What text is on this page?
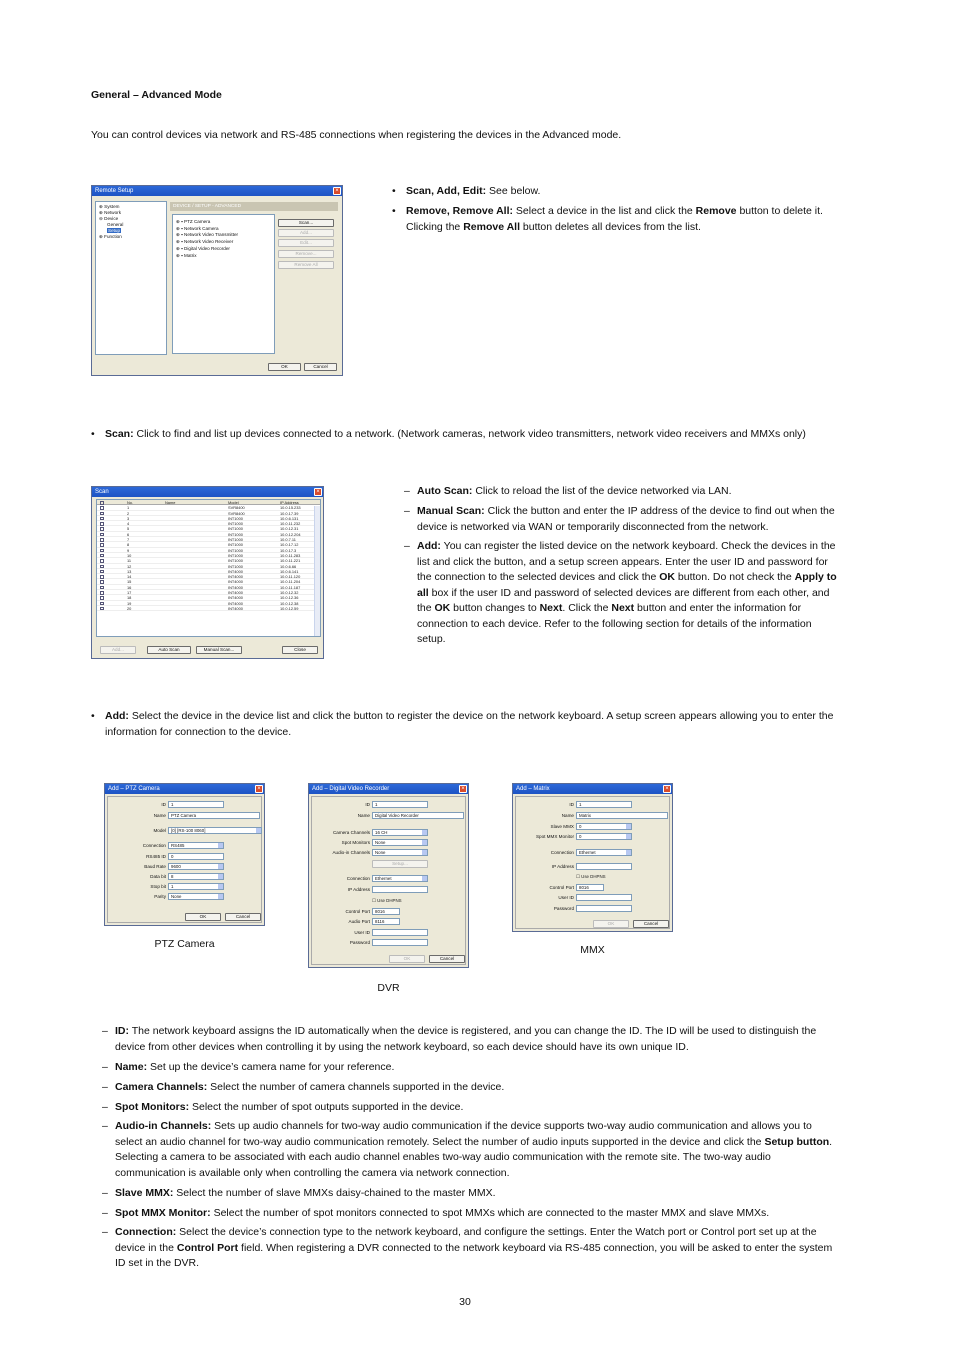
General – Advanced Mode
You can control devices via network and RS-485 connections when registering the devices in the Advanced mode.
Remote Setup	×
⊕ System
⊕ Network
⊖ Device
General
Setup
⊕ Function
DEVICE / SETUP - ADVANCED
⊕ ▪ PTZ Camera
⊕ ▪ Network Camera
⊕ ▪ Network Video Transmitter
⊕ ▪ Network Video Receiver
⊕ ▪ Digital Video Recorder
⊕ ▪ Matrix
Scan...
Add...
Edit...
Remove...
Remove All
OK	Cancel
• Scan, Add, Edit: See below.
• Remove, Remove All: Select a device in the list and click the Remove button to delete it. Clicking the Remove All button deletes all devices from the list.
• Scan: Click to find and list up devices connected to a network. (Network cameras, network video transmitters, network video receivers and MMXs only)
Scan	×
No.	Name	Model	IP Address
1	SVR8400	10.0.15.233
2	SVR8400	10.0.17.39
3	INT1000	10.0.6.131
4	INT1000	10.0.11.232
5	INT1000	10.0.12.31
6	INT1000	10.0.12.204
7	INT1000	10.0.7.11
8	INT1000	10.0.17.12
9	INT1000	10.0.17.3
10	INT1000	10.0.11.283
11	INT1000	10.0.11.221
12	INT1000	10.0.6.66
13	INT4000	10.0.6.141
14	INT4000	10.0.11.120
15	INT4000	10.0.11.204
16	INT4000	10.0.11.187
17	INT4000	10.0.12.32
18	INT4000	10.0.12.36
19	INT4000	10.0.12.38
20	INT4000	10.0.12.59
Add...	Auto Scan	Manual Scan...	Close
– Auto Scan: Click to reload the list of the device networked via LAN.
– Manual Scan: Click the button and enter the IP address of the device to find out when the device is networked via WAN or temporarily disconnected from the network.
– Add: You can register the listed device on the network keyboard. Check the devices in the list and click the button, and a setup screen appears. Enter the user ID and password for the connection to the selected devices and click the OK button. Do not check the Apply to all box if the user ID and password of selected devices are different from each other, and the OK button changes to Next. Click the Next button and enter the information for connection to each device. Refer to the following section for details of the information setup.
• Add: Select the device in the device list and click the button to register the device on the network keyboard. A setup screen appears allowing you to enter the information for connection to the device.
Add – PTZ Camera	×
ID	1
Name	PTZ Camera
Model	[0] [RS-100 8060]
Connection	RS485
RS485 ID	0
Baud Rate	9600
Data bit	8
Stop bit	1
Parity	None
OK	Cancel
PTZ Camera
Add – Digital Video Recorder	×
ID	1
Name	Digital Video Recorder
Camera Channels	16 CH
Spot Monitors	None
Audio-in Channels	None
Setup...
Connection	Ethernet
IP Address
☐ Use DHPNS
Control Port	8016
Audio Port	8116
User ID
Password
OK	Cancel
DVR
Add – Matrix	×
ID	1
Name	Matrix
Slave MMX	0
Spot MMX Monitor	0
Connection	Ethernet
IP Address
☐ Use DHPNS
Control Port	8016
User ID
Password
OK	Cancel
MMX
– ID: The network keyboard assigns the ID automatically when the device is registered, and you can change the ID. The ID will be used to distinguish the device from other devices when controlling it by using the network keyboard, so each device should have its own unique ID.
– Name: Set up the device’s camera name for your reference.
– Camera Channels: Select the number of camera channels supported in the device.
– Spot Monitors: Select the number of spot outputs supported in the device.
– Audio-in Channels: Sets up audio channels for two-way audio communication if the device supports two-way audio communication and allows you to select an audio channel for two-way audio communication remotely. Select the number of audio inputs supported in the device and click the Setup button. Selecting a camera to be associated with each audio channel enables two-way audio communication with the remote site. The two-way audio communication is available only when controlling the camera via network connection.
– Slave MMX: Select the number of slave MMXs daisy-chained to the master MMX.
– Spot MMX Monitor: Select the number of spot monitors connected to spot MMXs which are connected to the master MMX and slave MMXs.
– Connection: Select the device’s connection type to the network keyboard, and configure the settings. Enter the Watch port or Control port set up at the device in the Control Port field. When registering a DVR connected to the network keyboard via RS-485 connection, you will be asked to enter the system ID set in the DVR.
30
